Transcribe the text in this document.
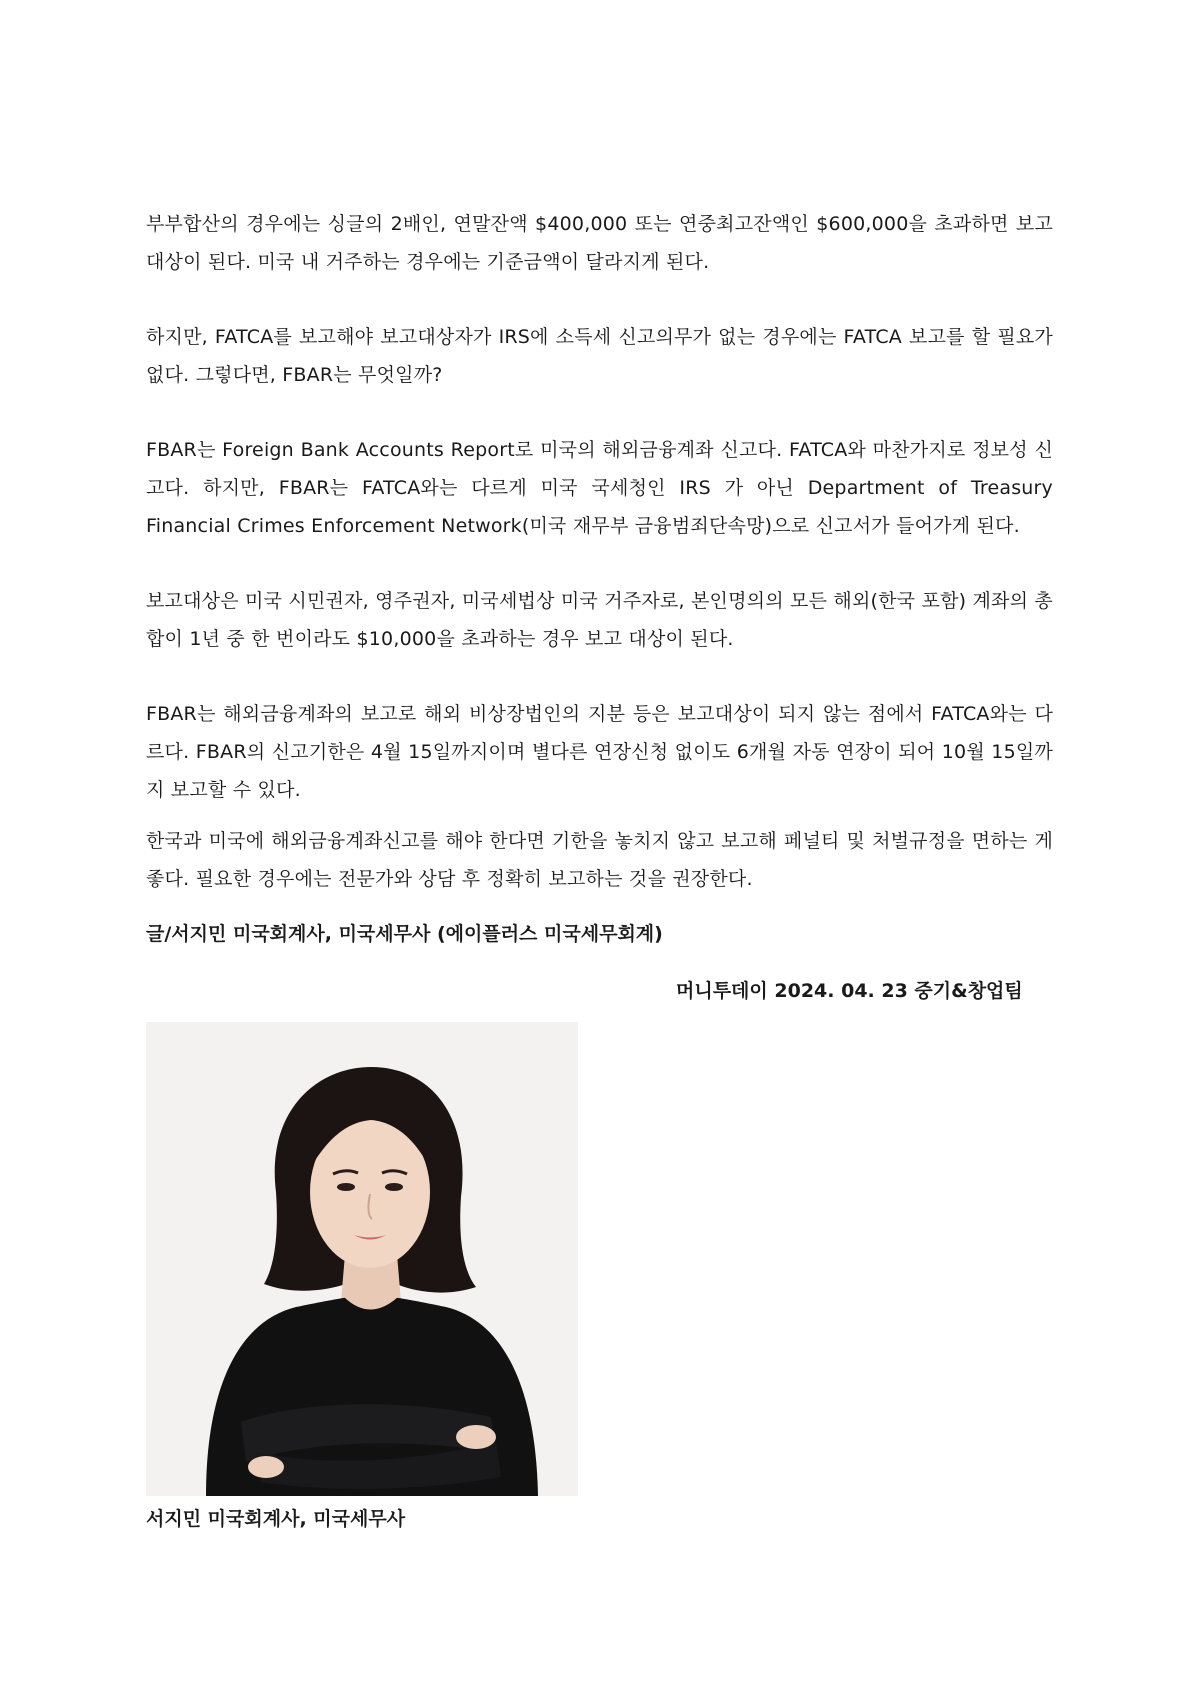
부부합산의 경우에는 싱글의 2배인, 연말잔액 $400,000 또는 연중최고잔액인 $600,000을 초과하면 보고 대상이 된다. 미국 내 거주하는 경우에는 기준금액이 달라지게 된다.

하지만, FATCA를 보고해야 보고대상자가 IRS에 소득세 신고의무가 없는 경우에는 FATCA 보고를 할 필요가 없다. 그렇다면, FBAR는 무엇일까?

FBAR는 Foreign Bank Accounts Report로 미국의 해외금융계좌 신고다. FATCA와 마찬가지로 정보성 신고다. 하지만, FBAR는 FATCA와는 다르게 미국 국세청인 IRS 가 아닌 Department of Treasury Financial Crimes Enforcement Network(미국 재무부 금융범죄단속망)으로 신고서가 들어가게 된다.

보고대상은 미국 시민권자, 영주권자, 미국세법상 미국 거주자로, 본인명의의 모든 해외(한국 포함) 계좌의 총합이 1년 중 한 번이라도 $10,000을 초과하는 경우 보고 대상이 된다.

FBAR는 해외금융계좌의 보고로 해외 비상장법인의 지분 등은 보고대상이 되지 않는 점에서 FATCA와는 다르다. FBAR의 신고기한은 4월 15일까지이며 별다른 연장신청 없이도 6개월 자동 연장이 되어 10월 15일까지 보고할 수 있다.

한국과 미국에 해외금융계좌신고를 해야 한다면 기한을 놓치지 않고 보고해 페널티 및 처벌규정을 면하는 게 좋다. 필요한 경우에는 전문가와 상담 후 정확히 보고하는 것을 권장한다.

글/서지민 미국회계사, 미국세무사 (에이플러스 미국세무회계)
머니투데이 2024. 04. 23 중기&창업팀
서지민 미국회계사, 미국세무사
